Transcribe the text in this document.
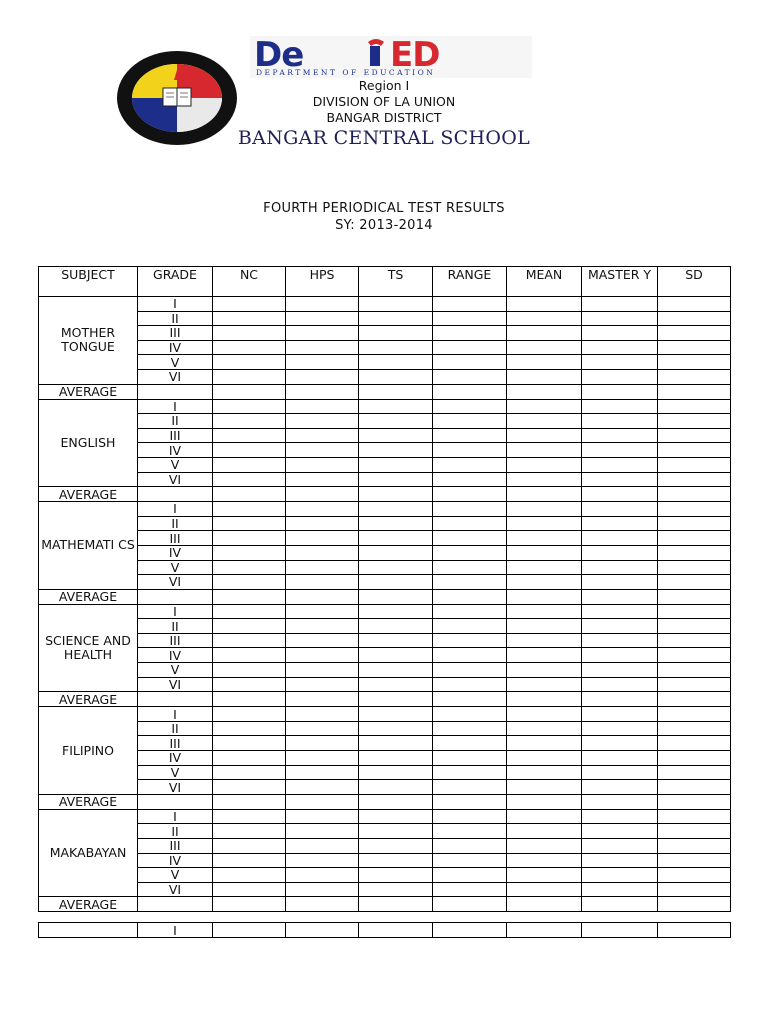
De	ED
DEPARTMENT OF EDUCATION
Region I
DIVISION OF LA UNION
BANGAR DISTRICT
BANGAR CENTRAL SCHOOL
FOURTH PERIODICAL TEST RESULTS
SY: 2013-2014
SUBJECT	GRADE	NC	HPS	TS	RANGE	MEAN	MASTER Y	SD
MOTHER TONGUE	I							
	II							
	III							
	IV							
	V							
	VI							
AVERAGE								
ENGLISH	I							
	II							
	III							
	IV							
	V							
	VI							
AVERAGE								
MATHEMATI CS	I							
	II							
	III							
	IV							
	V							
	VI							
AVERAGE								
SCIENCE AND HEALTH	I							
	II							
	III							
	IV							
	V							
	VI							
AVERAGE								
FILIPINO	I							
	II							
	III							
	IV							
	V							
	VI							
AVERAGE								
MAKABAYAN	I							
	II							
	III							
	IV							
	V							
	VI							
AVERAGE								
	I							
